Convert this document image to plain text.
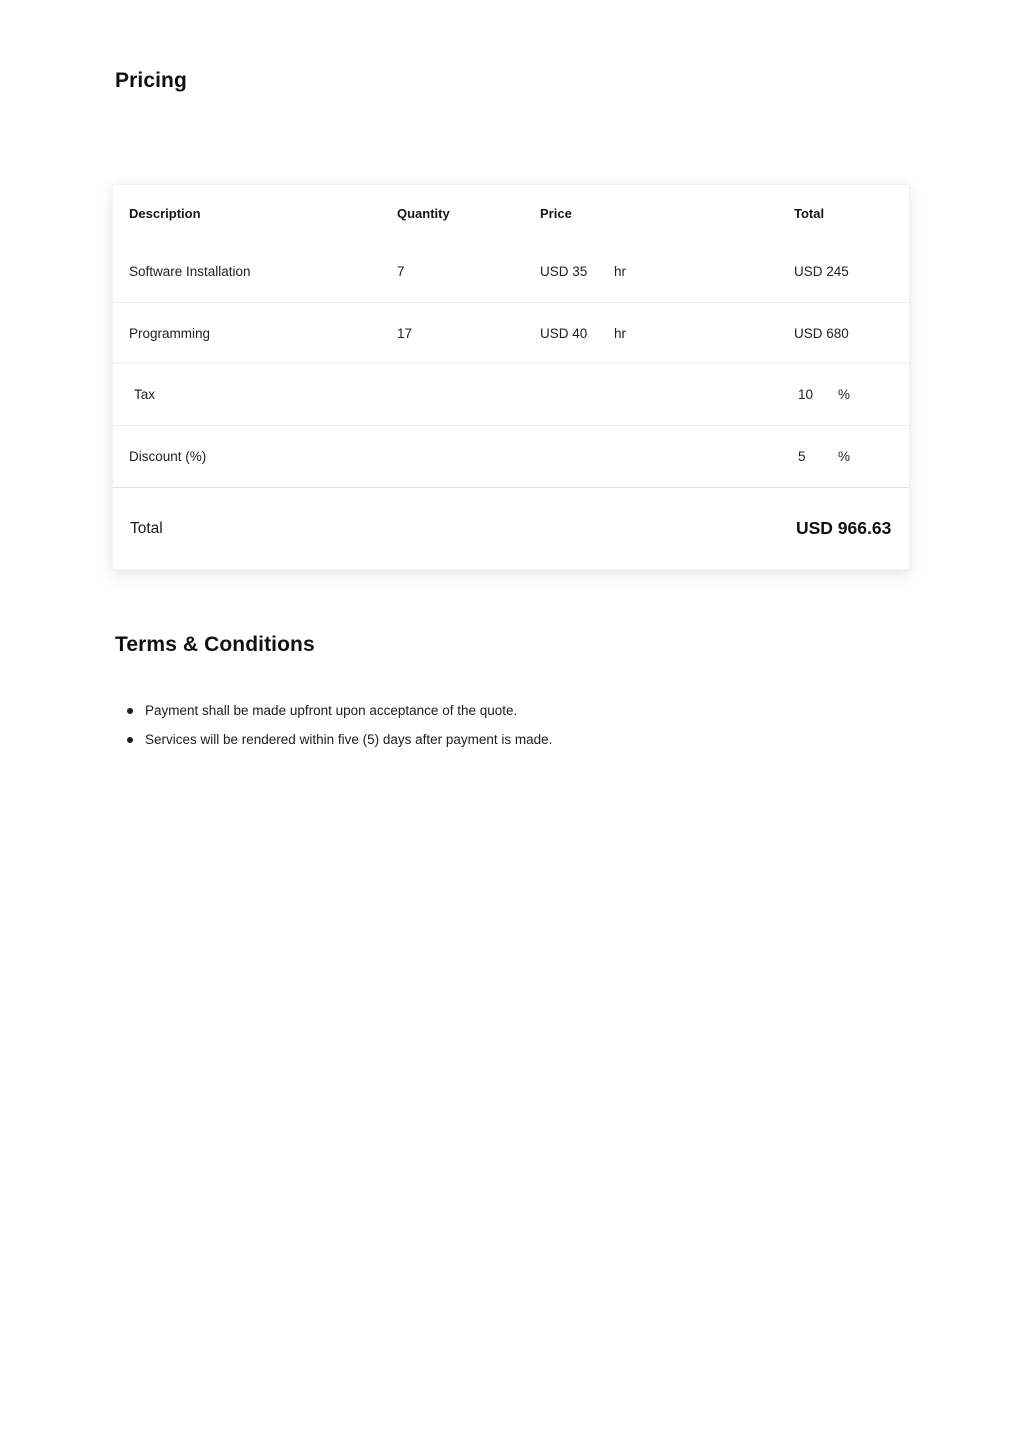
Pricing
Description	Quantity	Price	Total
Software Installation	7	USD 35	hr	USD 245
Programming	17	USD 40	hr	USD 680
Tax	10 %
Discount (%)	5 %
Total	USD 966.63
Terms & Conditions
Payment shall be made upfront upon acceptance of the quote.
Services will be rendered within five (5) days after payment is made.
